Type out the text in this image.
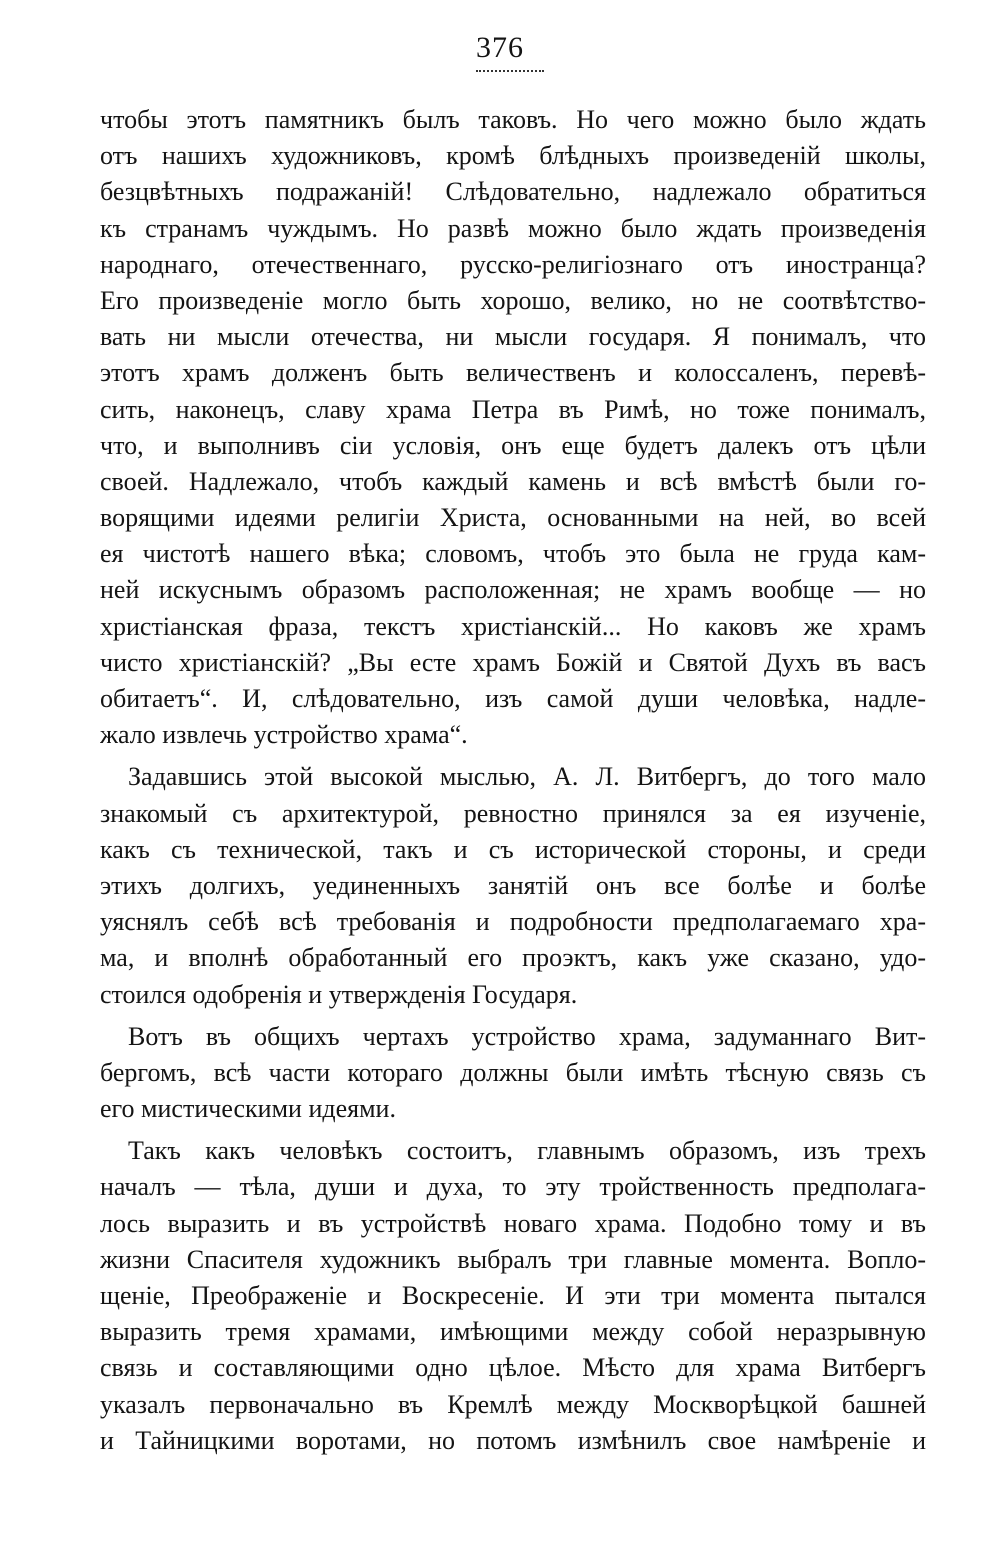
376
чтобы этотъ памятникъ былъ таковъ. Но чего можно было ждать
отъ нашихъ художниковъ, кромѣ блѣдныхъ произведеній школы,
безцвѣтныхъ подражаній! Слѣдовательно, надлежало обратиться
къ странамъ чуждымъ. Но развѣ можно было ждать произведенія
народнаго, отечественнаго, русско-религіознаго отъ иностранца?
Его произведеніе могло быть хорошо, велико, но не соотвѣтство-
вать ни мысли отечества, ни мысли государя. Я понималъ, что
этотъ храмъ долженъ быть величественъ и колоссаленъ, перевѣ-
сить, наконецъ, славу храма Петра въ Римѣ, но тоже понималъ,
что, и выполнивъ сіи условія, онъ еще будетъ далекъ отъ цѣли
своей. Надлежало, чтобъ каждый камень и всѣ вмѣстѣ были го-
ворящими идеями религіи Христа, основанными на ней, во всей
ея чистотѣ нашего вѣка; словомъ, чтобъ это была не груда кам-
ней искуснымъ образомъ расположенная; не храмъ вообще — но
христіанская фраза, текстъ христіанскій... Но каковъ же храмъ
чисто христіанскій? „Вы есте храмъ Божій и Святой Духъ въ васъ
обитаетъ“. И, слѣдовательно, изъ самой души человѣка, надле-
жало извлечь устройство храма“.
Задавшись этой высокой мыслью, А. Л. Витбергъ, до того мало
знакомый съ архитектурой, ревностно принялся за ея изученіе,
какъ съ технической, такъ и съ исторической стороны, и среди
этихъ долгихъ, уединенныхъ занятій онъ все болѣе и болѣе
уяснялъ себѣ всѣ требованія и подробности предполагаемаго хра-
ма, и вполнѣ обработанный его проэктъ, какъ уже сказано, удо-
стоился одобренія и утвержденія Государя.
Вотъ въ общихъ чертахъ устройство храма, задуманнаго Вит-
бергомъ, всѣ части котораго должны были имѣть тѣсную связь съ
его мистическими идеями.
Такъ какъ человѣкъ состоитъ, главнымъ образомъ, изъ трехъ
началъ — тѣла, души и духа, то эту тройственность предполага-
лось выразить и въ устройствѣ новаго храма. Подобно тому и въ
жизни Спасителя художникъ выбралъ три главные момента. Вопло-
щеніе, Преображеніе и Воскресеніе. И эти три момента пытался
выразить тремя храмами, имѣющими между собой неразрывную
связь и составляющими одно цѣлое. Мѣсто для храма Витбергъ
указалъ первоначально въ Кремлѣ между Москворѣцкой башней
и Тайницкими воротами, но потомъ измѣнилъ свое намѣреніе и
